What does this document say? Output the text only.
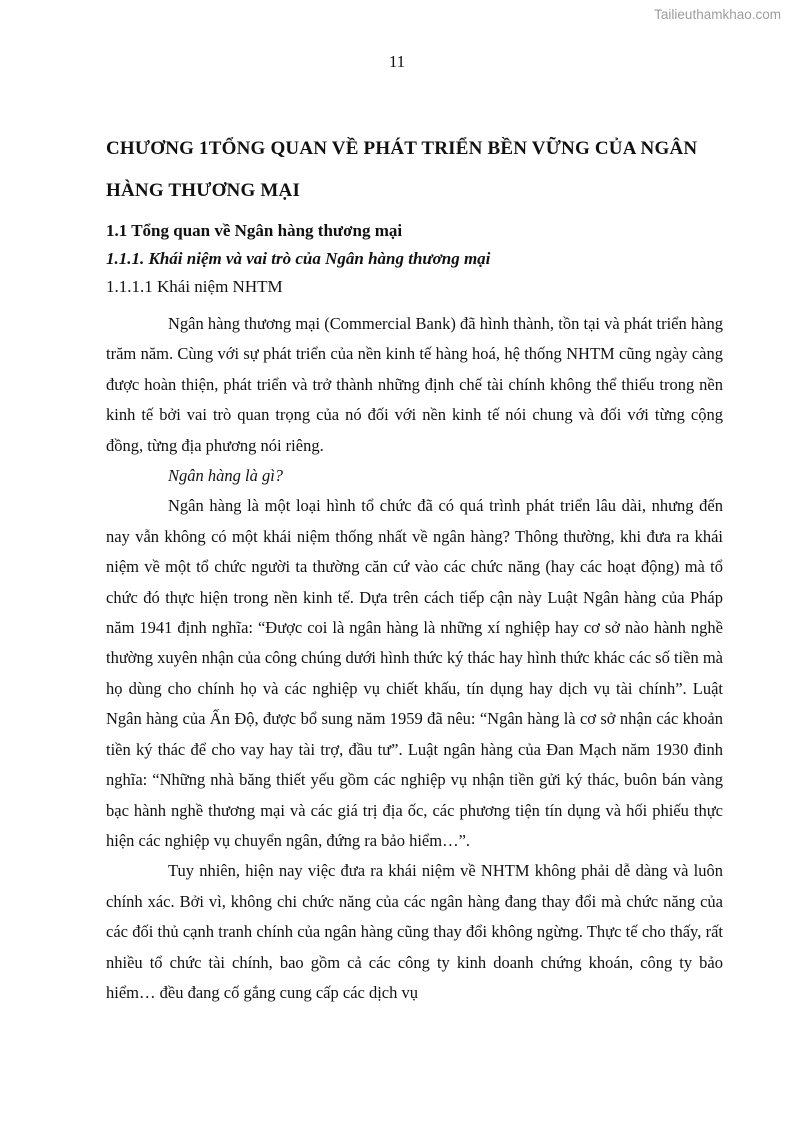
Tailieuthamkhao.com
11
CHƯƠNG 1TỔNG QUAN VỀ PHÁT TRIỂN BỀN VỮNG CỦA NGÂN HÀNG THƯƠNG MẠI
1.1 Tổng quan về Ngân hàng thương mại
1.1.1. Khái niệm và vai trò của Ngân hàng thương mại
1.1.1.1 Khái niệm NHTM

Ngân hàng thương mại (Commercial Bank) đã hình thành, tồn tại và phát triển hàng trăm năm. Cùng với sự phát triển của nền kinh tế hàng hoá, hệ thống NHTM cũng ngày càng được hoàn thiện, phát triển và trở thành những định chế tài chính không thể thiếu trong nền kinh tế bởi vai trò quan trọng của nó đối với nền kinh tế nói chung và đối với từng cộng đồng, từng địa phương nói riêng.

Ngân hàng là gì?

Ngân hàng là một loại hình tổ chức đã có quá trình phát triển lâu dài, nhưng đến nay vẫn không có một khái niệm thống nhất về ngân hàng? Thông thường, khi đưa ra khái niệm về một tổ chức người ta thường căn cứ vào các chức năng (hay các hoạt động) mà tổ chức đó thực hiện trong nền kinh tế. Dựa trên cách tiếp cận này Luật Ngân hàng của Pháp năm 1941 định nghĩa: “Được coi là ngân hàng là những xí nghiệp hay cơ sở nào hành nghề thường xuyên nhận của công chúng dưới hình thức ký thác hay hình thức khác các số tiền mà họ dùng cho chính họ và các nghiệp vụ chiết khấu, tín dụng hay dịch vụ tài chính”. Luật Ngân hàng của Ấn Độ, được bổ sung năm 1959 đã nêu: “Ngân hàng là cơ sở nhận các khoản tiền ký thác để cho vay hay tài trợ, đầu tư”. Luật ngân hàng của Đan Mạch năm 1930 đinh nghĩa: “Những nhà băng thiết yếu gồm các nghiệp vụ nhận tiền gửi ký thác, buôn bán vàng bạc hành nghề thương mại và các giá trị địa ốc, các phương tiện tín dụng và hối phiếu thực hiện các nghiệp vụ chuyển ngân, đứng ra bảo hiểm…”.

Tuy nhiên, hiện nay việc đưa ra khái niệm về NHTM không phải dễ dàng và luôn chính xác. Bởi vì, không chi chức năng của các ngân hàng đang thay đổi mà chức năng của các đối thủ cạnh tranh chính của ngân hàng cũng thay đổi không ngừng. Thực tế cho thấy, rất nhiều tổ chức tài chính, bao gồm cả các công ty kinh doanh chứng khoán, công ty bảo hiểm… đều đang cố gắng cung cấp các dịch vụ
